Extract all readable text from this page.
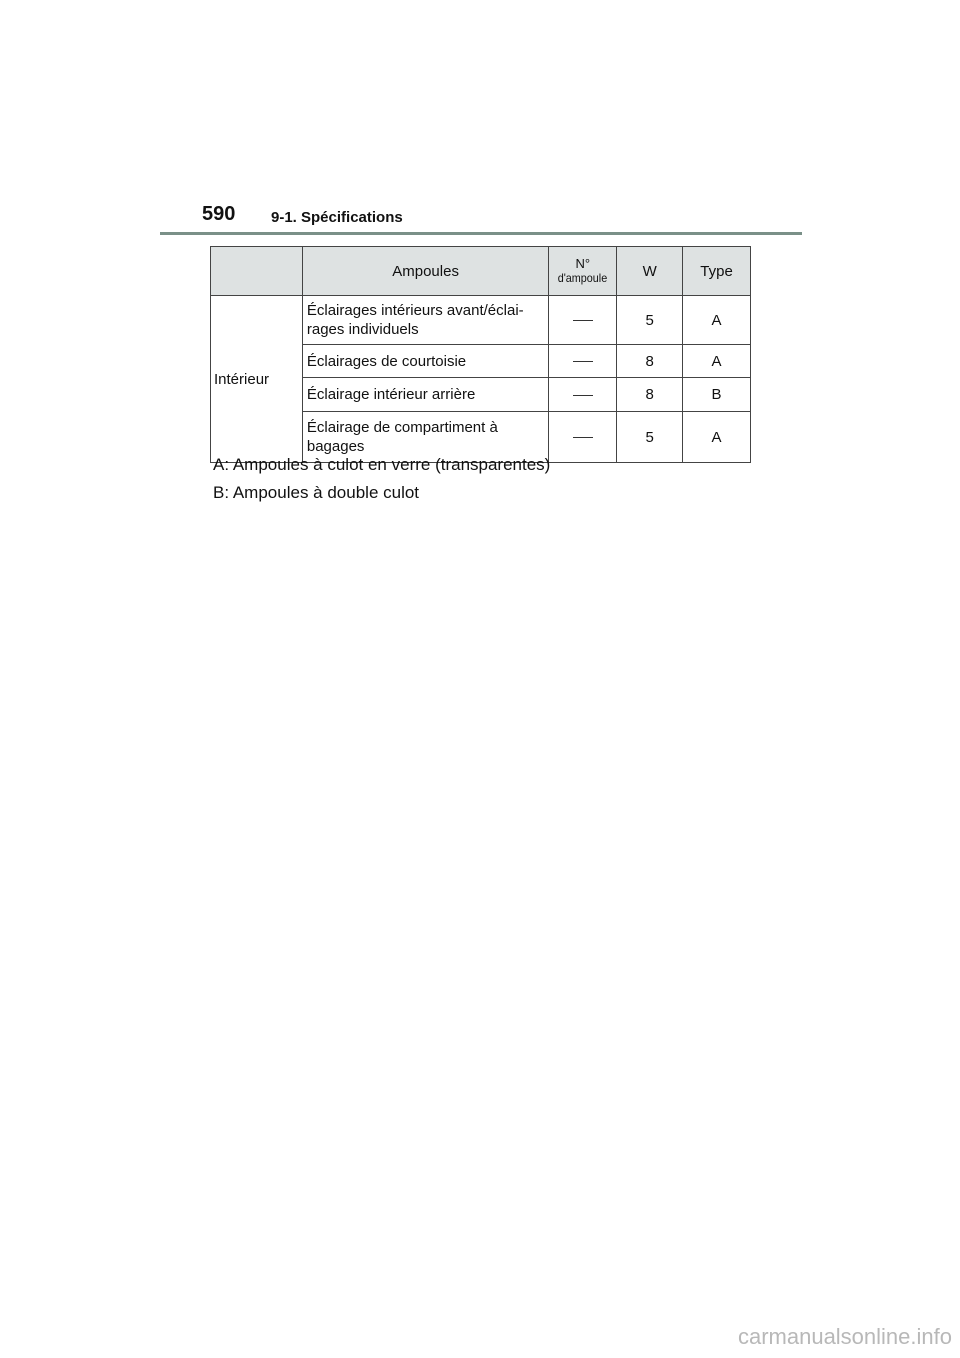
590 9-1. Spécifications
	Ampoules	N°
d'ampoule	W	Type
Intérieur	Éclairages intérieurs avant/éclai-
rages individuels		5	A
	Éclairages de courtoisie		8	A
	Éclairage intérieur arrière		8	B
	Éclairage de compartiment à
bagages		5	A

A: Ampoules à culot en verre (transparentes)

B: Ampoules à double culot

carmanualsonline.info
